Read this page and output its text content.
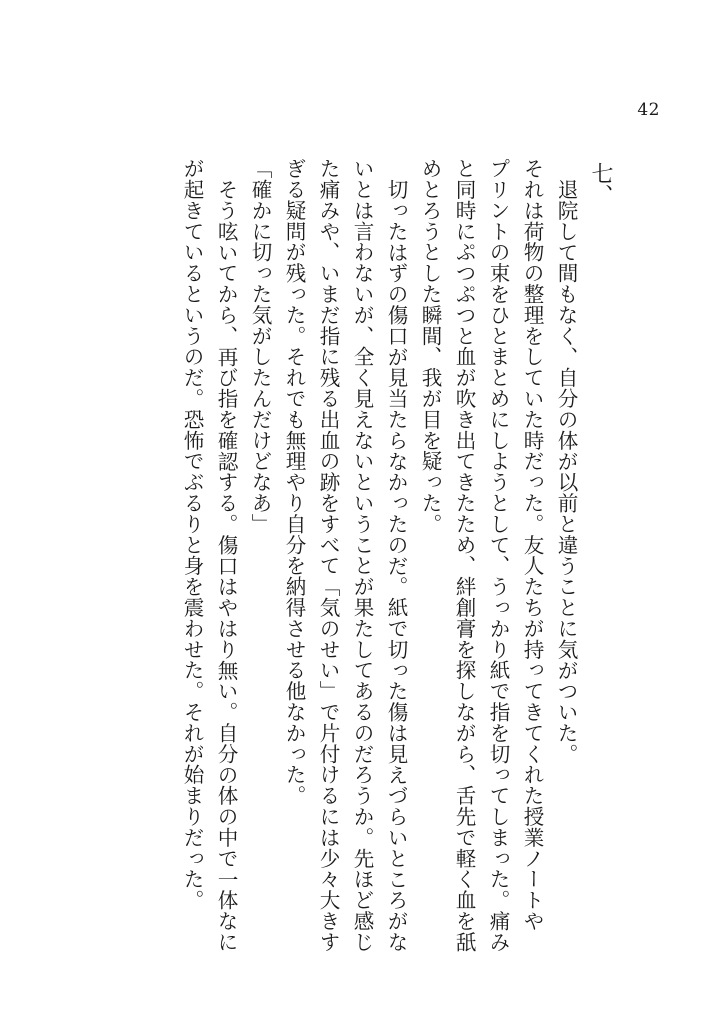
42
七、
退院して間もなく、自分の体が以前と違うことに気がついた。
それは荷物の整理をしていた時だった。友人たちが持ってきてくれた授業ノートや
プリントの束をひとまとめにしようとして、うっかり紙で指を切ってしまった。痛み
と同時にぷつぷつと血が吹き出てきたため、絆創膏を探しながら、舌先で軽く血を舐
めとろうとした瞬間、我が目を疑った。
切ったはずの傷口が見当たらなかったのだ。紙で切った傷は見えづらいところがな
いとは言わないが、全く見えないということが果たしてあるのだろうか。先ほど感じ
た痛みや、いまだ指に残る出血の跡をすべて「気のせい」で片付けるには少々大きす
ぎる疑問が残った。それでも無理やり自分を納得させる他なかった。
「確かに切った気がしたんだけどなあ」
そう呟いてから、再び指を確認する。傷口はやはり無い。自分の体の中で一体なに
が起きているというのだ。恐怖でぶるりと身を震わせた。それが始まりだった。
